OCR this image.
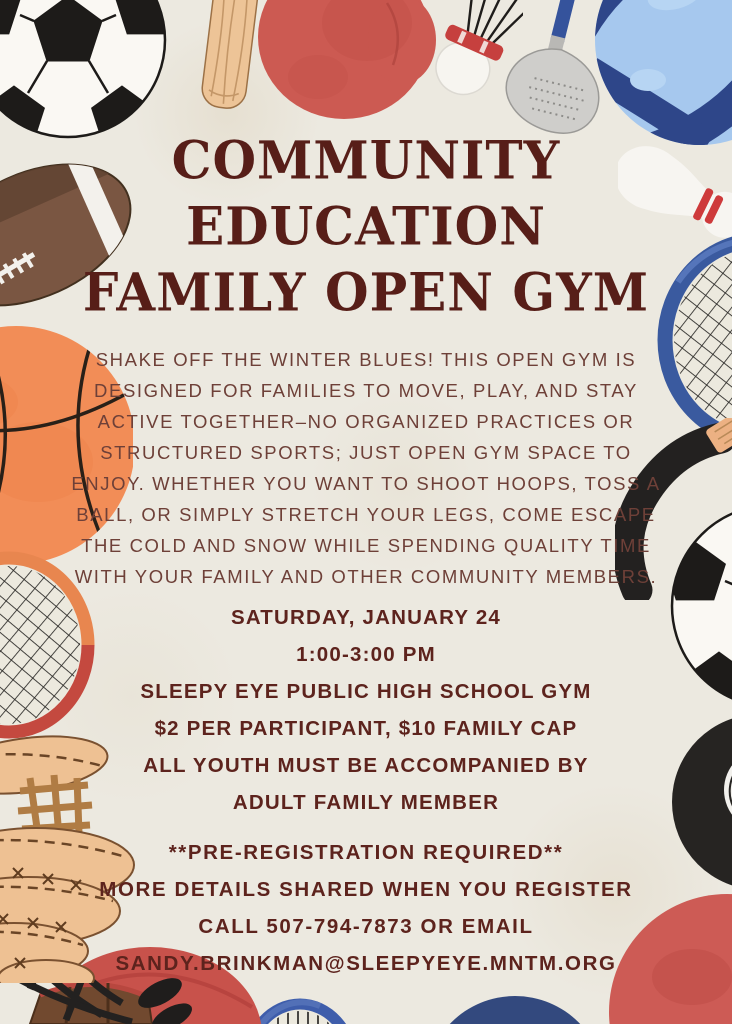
COMMUNITY
EDUCATION
FAMILY OPEN GYM
SHAKE OFF THE WINTER BLUES! THIS OPEN GYM IS
DESIGNED FOR FAMILIES TO MOVE, PLAY, AND STAY
ACTIVE TOGETHER–NO ORGANIZED PRACTICES OR
STRUCTURED SPORTS; JUST OPEN GYM SPACE TO
ENJOY. WHETHER YOU WANT TO SHOOT HOOPS, TOSS A
BALL, OR SIMPLY STRETCH YOUR LEGS, COME ESCAPE
THE COLD AND SNOW WHILE SPENDING QUALITY TIME
WITH YOUR FAMILY AND OTHER COMMUNITY MEMBERS.
SATURDAY, JANUARY 24
1:00-3:00 PM
SLEEPY EYE PUBLIC HIGH SCHOOL GYM
$2 PER PARTICIPANT, $10 FAMILY CAP
ALL YOUTH MUST BE ACCOMPANIED BY
ADULT FAMILY MEMBER
**PRE-REGISTRATION REQUIRED**
MORE DETAILS SHARED WHEN YOU REGISTER
CALL 507-794-7873 OR EMAIL
SANDY.BRINKMAN@SLEEPYEYE.MNTM.ORG
